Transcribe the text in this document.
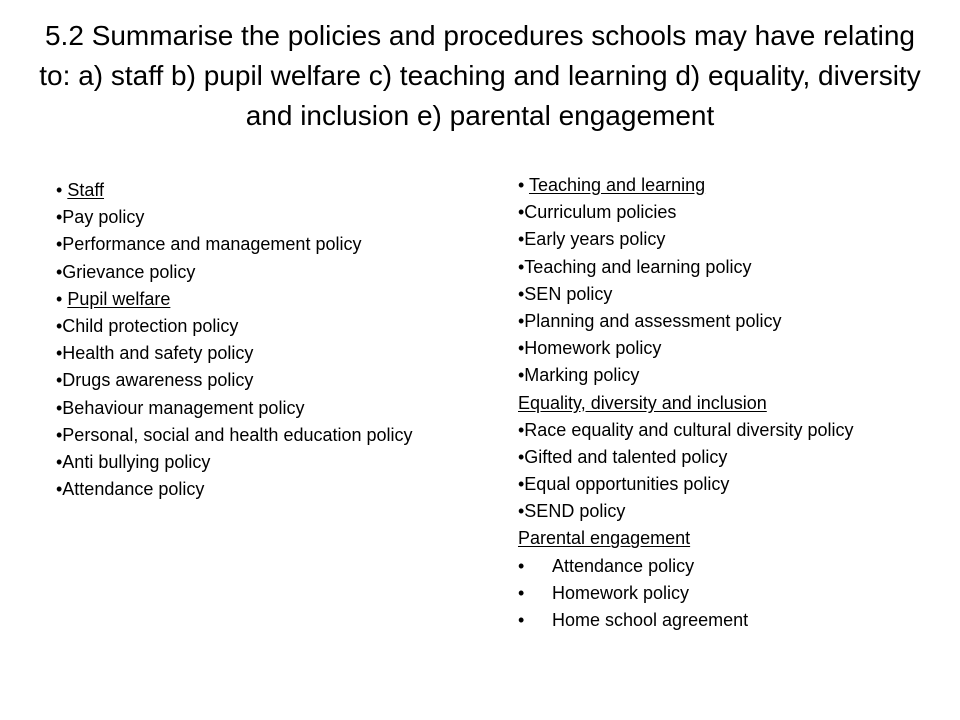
5.2 Summarise the policies and procedures schools may have relating to: a) staff b) pupil welfare c) teaching and learning d) equality, diversity and inclusion e) parental engagement
• Staff
•Pay policy
•Performance and management policy
•Grievance policy
• Pupil welfare
•Child protection policy
•Health and safety policy
•Drugs awareness policy
•Behaviour management policy
•Personal, social and health education policy
•Anti bullying policy
•Attendance policy
• Teaching and learning
•Curriculum policies
•Early years policy
•Teaching and learning policy
•SEN policy
•Planning and assessment policy
•Homework policy
•Marking policy
Equality, diversity and inclusion
•Race equality and cultural diversity policy
•Gifted and talented policy
•Equal opportunities policy
•SEND policy
Parental engagement
•	Attendance policy
•	Homework policy
•	Home school agreement
